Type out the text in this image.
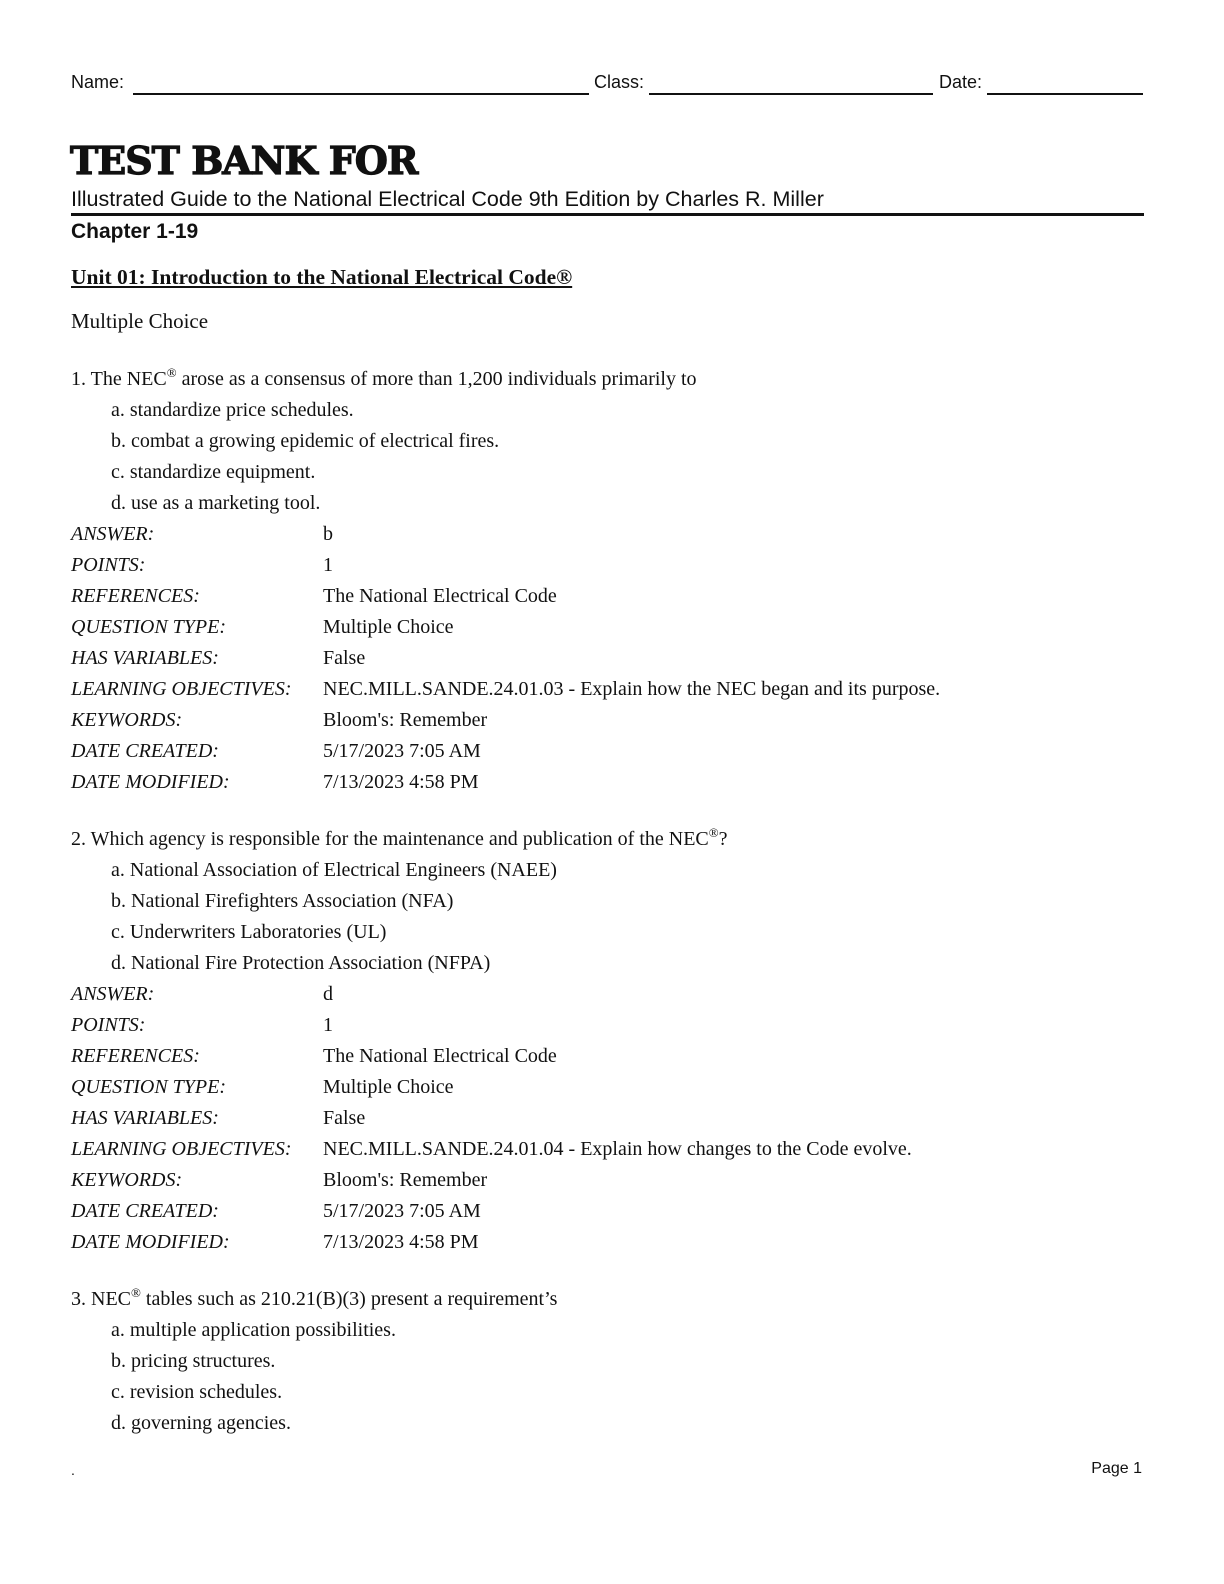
Name:	Class:	Date:
TEST BANK FOR
Illustrated Guide to the National Electrical Code 9th Edition by Charles R. Miller
Chapter 1-19
Unit 01: Introduction to the National Electrical Code®
Multiple Choice
1. The NEC® arose as a consensus of more than 1,200 individuals primarily to
a. standardize price schedules.
b. combat a growing epidemic of electrical fires.
c. standardize equipment.
d. use as a marketing tool.
ANSWER:	b
POINTS:	1
REFERENCES:	The National Electrical Code
QUESTION TYPE:	Multiple Choice
HAS VARIABLES:	False
LEARNING OBJECTIVES: NEC.MILL.SANDE.24.01.03 - Explain how the NEC began and its purpose.
KEYWORDS:	Bloom's: Remember
DATE CREATED:	5/17/2023 7:05 AM
DATE MODIFIED:	7/13/2023 4:58 PM
2. Which agency is responsible for the maintenance and publication of the NEC®?
a. National Association of Electrical Engineers (NAEE)
b. National Firefighters Association (NFA)
c. Underwriters Laboratories (UL)
d. National Fire Protection Association (NFPA)
ANSWER:	d
POINTS:	1
REFERENCES:	The National Electrical Code
QUESTION TYPE:	Multiple Choice
HAS VARIABLES:	False
LEARNING OBJECTIVES: NEC.MILL.SANDE.24.01.04 - Explain how changes to the Code evolve.
KEYWORDS:	Bloom's: Remember
DATE CREATED:	5/17/2023 7:05 AM
DATE MODIFIED:	7/13/2023 4:58 PM
3. NEC® tables such as 210.21(B)(3) present a requirement’s
a. multiple application possibilities.
b. pricing structures.
c. revision schedules.
d. governing agencies.
.	Page 1
